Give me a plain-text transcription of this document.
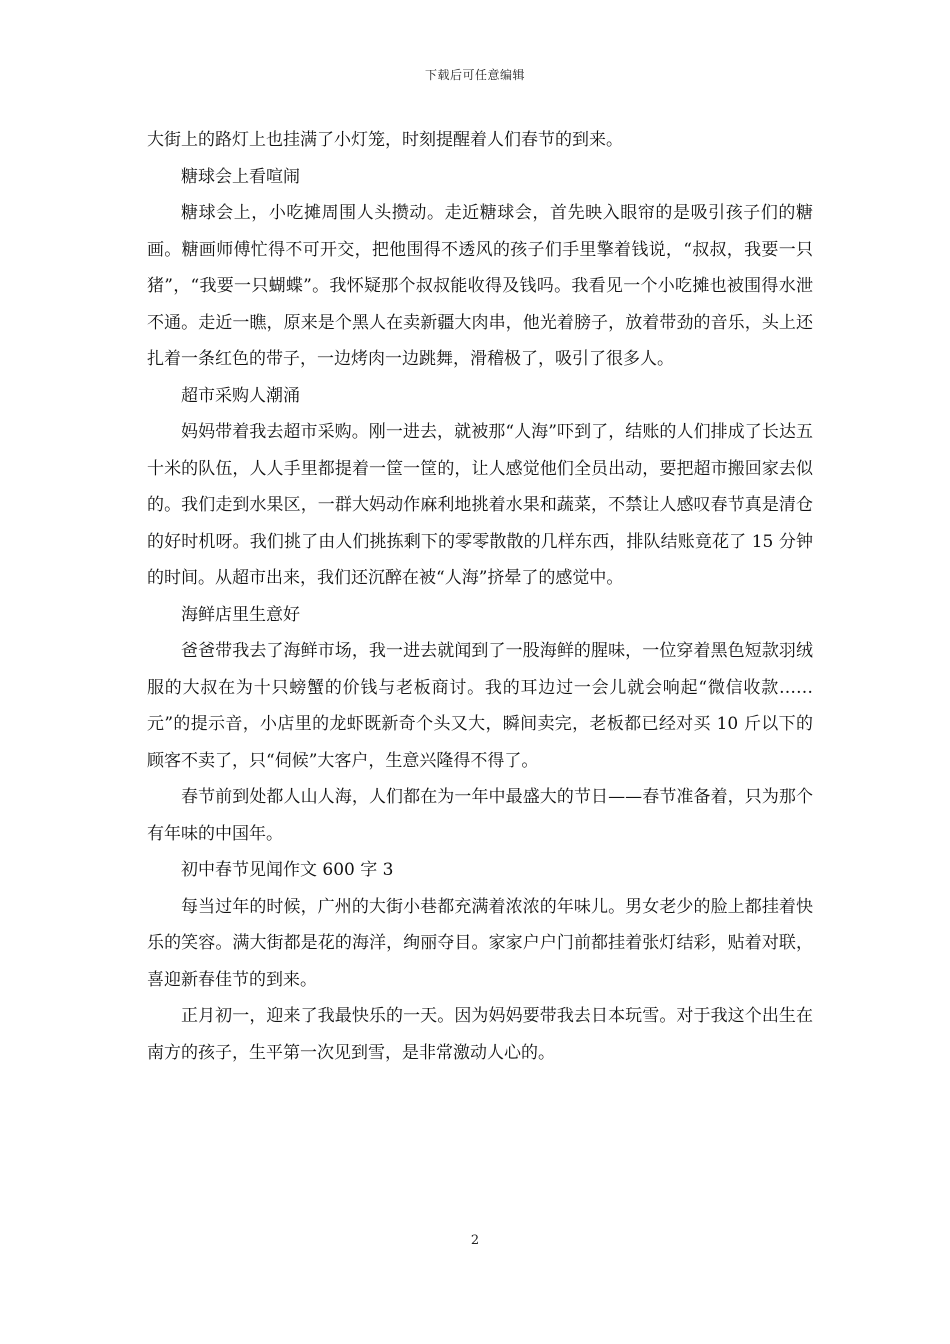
下载后可任意编辑

大街上的路灯上也挂满了小灯笼，时刻提醒着人们春节的到来。

糖球会上看喧闹

糖球会上，小吃摊周围人头攒动。走近糖球会，首先映入眼帘的是吸引孩子们的糖画。糖画师傅忙得不可开交，把他围得不透风的孩子们手里擎着钱说，“叔叔，我要一只猪”，“我要一只蝴蝶”。我怀疑那个叔叔能收得及钱吗。我看见一个小吃摊也被围得水泄不通。走近一瞧，原来是个黑人在卖新疆大肉串，他光着膀子，放着带劲的音乐，头上还扎着一条红色的带子，一边烤肉一边跳舞，滑稽极了，吸引了很多人。

超市采购人潮涌

妈妈带着我去超市采购。刚一进去，就被那“人海”吓到了，结账的人们排成了长达五十米的队伍，人人手里都提着一筐一筐的，让人感觉他们全员出动，要把超市搬回家去似的。我们走到水果区，一群大妈动作麻利地挑着水果和蔬菜，不禁让人感叹春节真是清仓的好时机呀。我们挑了由人们挑拣剩下的零零散散的几样东西，排队结账竟花了 15 分钟的时间。从超市出来，我们还沉醉在被“人海”挤晕了的感觉中。

海鲜店里生意好

爸爸带我去了海鲜市场，我一进去就闻到了一股海鲜的腥味，一位穿着黑色短款羽绒服的大叔在为十只螃蟹的价钱与老板商讨。我的耳边过一会儿就会响起“微信收款……元”的提示音，小店里的龙虾既新奇个头又大，瞬间卖完，老板都已经对买 10 斤以下的顾客不卖了，只“伺候”大客户，生意兴隆得不得了。

春节前到处都人山人海，人们都在为一年中最盛大的节日——春节准备着，只为那个有年味的中国年。

初中春节见闻作文 600 字 3

每当过年的时候，广州的大街小巷都充满着浓浓的年味儿。男女老少的脸上都挂着快乐的笑容。满大街都是花的海洋，绚丽夺目。家家户户门前都挂着张灯结彩，贴着对联，喜迎新春佳节的到来。

正月初一，迎来了我最快乐的一天。因为妈妈要带我去日本玩雪。对于我这个出生在南方的孩子，生平第一次见到雪，是非常激动人心的。

2
